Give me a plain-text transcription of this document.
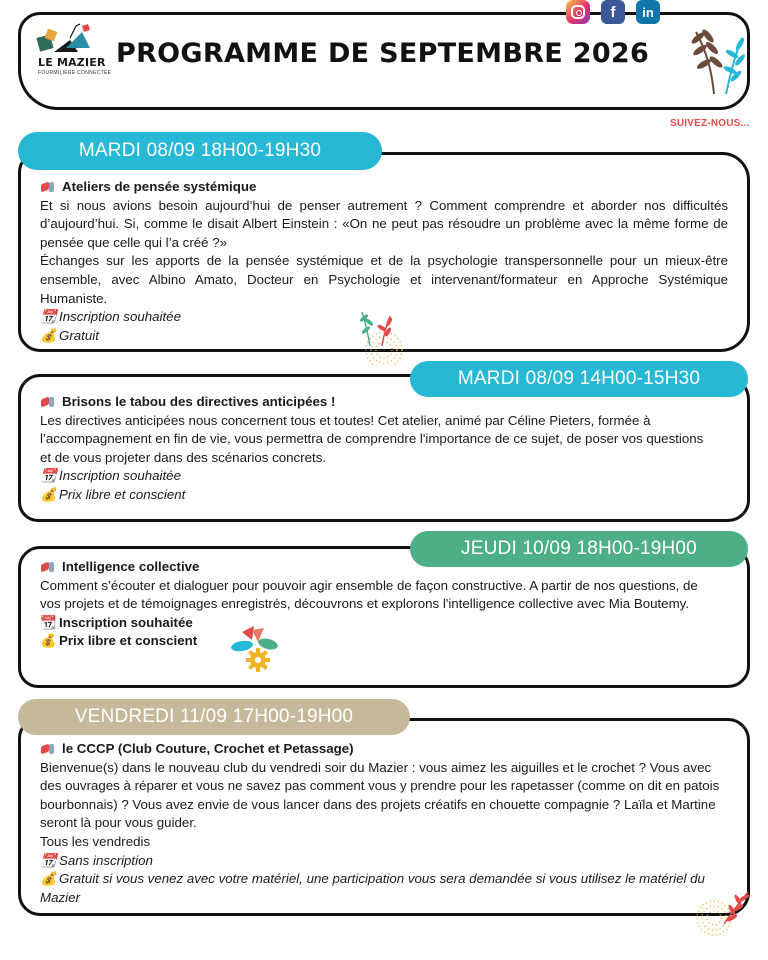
LE MAZIER
FOURMILIÈRE CONNECTÉE
PROGRAMME DE SEPTEMBRE 2026
f	in
SUIVEZ-NOUS...
MARDI 08/09 18H00-19H30
Ateliers de pensée systémique
Et si nous avions besoin aujourd’hui de penser autrement ? Comment comprendre et aborder nos difficultés d’aujourd’hui. Si, comme le disait Albert Einstein : «On ne peut pas résoudre un problème avec la même forme de pensée que celle qui l’a créé ?»
Échanges sur les apports de la pensée systémique et de la psychologie transpersonnelle pour un mieux-être ensemble, avec Albino Amato, Docteur en Psychologie et intervenant/formateur en Approche Systémique Humaniste.
📆 Inscription souhaitée
💰 Gratuit
MARDI 08/09 14H00-15H30
Brisons le tabou des directives anticipées !
Les directives anticipées nous concernent tous et toutes! Cet atelier, animé par Céline Pieters, formée à l’accompagnement en fin de vie, vous permettra de comprendre l'importance de ce sujet, de poser vos questions et de vous projeter dans des scénarios concrets.
📆 Inscription souhaitée
💰 Prix libre et conscient
JEUDI 10/09 18H00-19H00
Intelligence collective
Comment s’écouter et dialoguer pour pouvoir agir ensemble de façon constructive. A partir de nos questions, de vos projets et de témoignages enregistrés, découvrons et explorons l'intelligence collective avec Mia Boutemy.
📆 Inscription souhaitée
💰 Prix libre et conscient
VENDREDI 11/09 17H00-19H00
le CCCP (Club Couture, Crochet et Petassage)
Bienvenue(s) dans le nouveau club du vendredi soir du Mazier : vous aimez les aiguilles et le crochet ? Vous avec des ouvrages à réparer et vous ne savez pas comment vous y prendre pour les rapetasser (comme on dit en patois bourbonnais) ? Vous avez envie de vous lancer dans des projets créatifs en chouette compagnie ? Laïla et Martine seront là pour vous guider.
Tous les vendredis
📆 Sans inscription
💰 Gratuit si vous venez avec votre matériel, une participation vous sera demandée si vous utilisez le matériel du Mazier
